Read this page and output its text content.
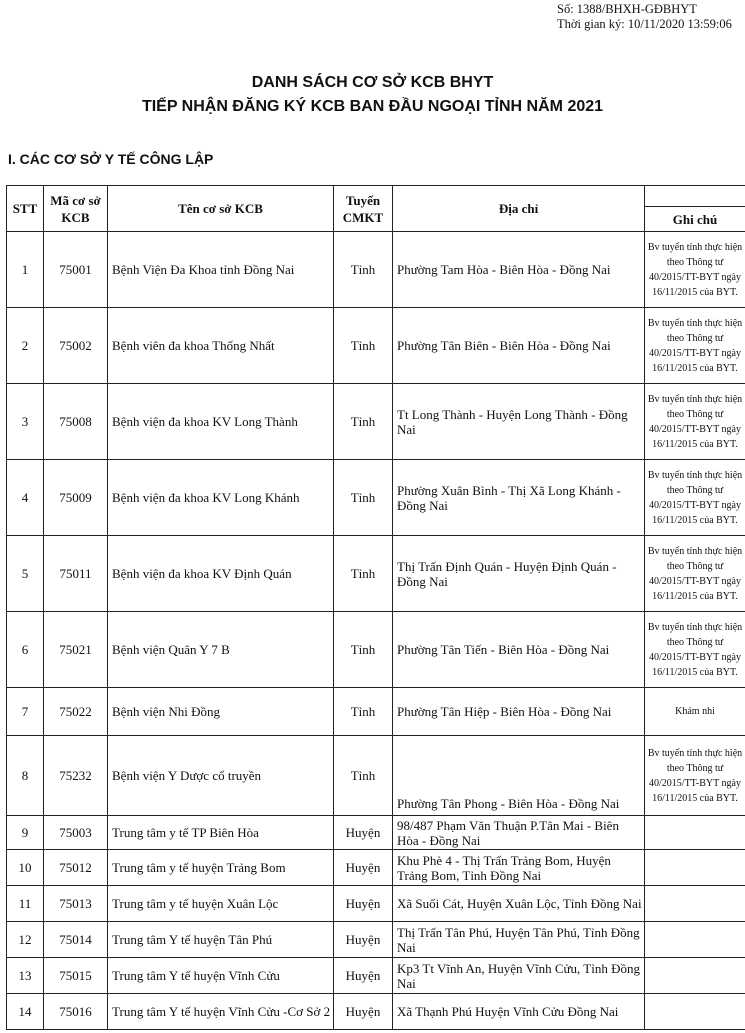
Số: 1388/BHXH-GĐBHYT
Thời gian ký: 10/11/2020 13:59:06
DANH SÁCH CƠ SỞ KCB BHYT
TIẾP NHẬN ĐĂNG KÝ KCB BAN ĐẦU NGOẠI TỈNH NĂM 2021
I. CÁC CƠ SỞ Y TẾ CÔNG LẬP
STT	Mã cơ sở KCB	Tên cơ sở KCB	Tuyến CMKT	Địa chỉ	
					Ghi chú
1	75001	Bệnh Viện Đa Khoa tỉnh Đồng Nai	Tỉnh	Phường Tam Hòa - Biên Hòa - Đồng Nai	Bv tuyến tỉnh thực hiện theo Thông tư 40/2015/TT-BYT ngày 16/11/2015 của BYT.
2	75002	Bệnh viên đa khoa Thống Nhất	Tỉnh	Phường Tân Biên - Biên Hòa - Đồng Nai	Bv tuyến tỉnh thực hiện theo Thông tư 40/2015/TT-BYT ngày 16/11/2015 của BYT.
3	75008	Bệnh viện đa khoa KV Long Thành	Tỉnh	Tt Long Thành - Huyện Long Thành - Đồng Nai	Bv tuyến tỉnh thực hiện theo Thông tư 40/2015/TT-BYT ngày 16/11/2015 của BYT.
4	75009	Bệnh viện đa khoa KV Long Khánh	Tỉnh	Phường Xuân Bình - Thị Xã Long Khánh - Đồng Nai	Bv tuyến tỉnh thực hiện theo Thông tư 40/2015/TT-BYT ngày 16/11/2015 của BYT.
5	75011	Bệnh viện đa khoa KV Định Quán	Tỉnh	Thị Trấn Định Quán - Huyện Định Quán - Đồng Nai	Bv tuyến tỉnh thực hiện theo Thông tư 40/2015/TT-BYT ngày 16/11/2015 của BYT.
6	75021	Bệnh viện Quân Y 7 B	Tỉnh	Phường Tân Tiến - Biên Hòa - Đồng Nai	Bv tuyến tỉnh thực hiện theo Thông tư 40/2015/TT-BYT ngày 16/11/2015 của BYT.
7	75022	Bệnh viện Nhi Đồng	Tỉnh	Phường Tân Hiệp - Biên Hòa - Đồng Nai	Khám nhi
8	75232	Bệnh viện Y Dược cổ truyền	Tỉnh	Phường Tân Phong - Biên Hòa - Đồng Nai	Bv tuyến tỉnh thực hiện theo Thông tư 40/2015/TT-BYT ngày 16/11/2015 của BYT.
9	75003	Trung tâm y tế TP Biên Hòa	Huyện	98/487 Phạm Văn Thuận P.Tân Mai - Biên Hòa - Đồng Nai	
10	75012	Trung tâm y tế huyện Trảng Bom	Huyện	Khu Phè 4 - Thị Trấn Trảng Bom, Huyện Trảng Bom, Tỉnh Đồng Nai	
11	75013	Trung tâm y tế huyện Xuân Lộc	Huyện	Xã Suối Cát, Huyện Xuân Lộc, Tỉnh Đồng Nai	
12	75014	Trung tâm Y tế huyện Tân Phú	Huyện	Thị Trấn Tân Phú, Huyện Tân Phú, Tỉnh Đồng Nai	
13	75015	Trung tâm Y tế huyện Vĩnh Cửu	Huyện	Kp3 Tt Vĩnh An, Huyện Vĩnh Cửu, Tỉnh Đồng Nai	
14	75016	Trung tâm Y tế huyện Vĩnh Cửu -Cơ Sở 2	Huyện	Xã Thạnh Phú Huyện Vĩnh Cửu Đồng Nai	
